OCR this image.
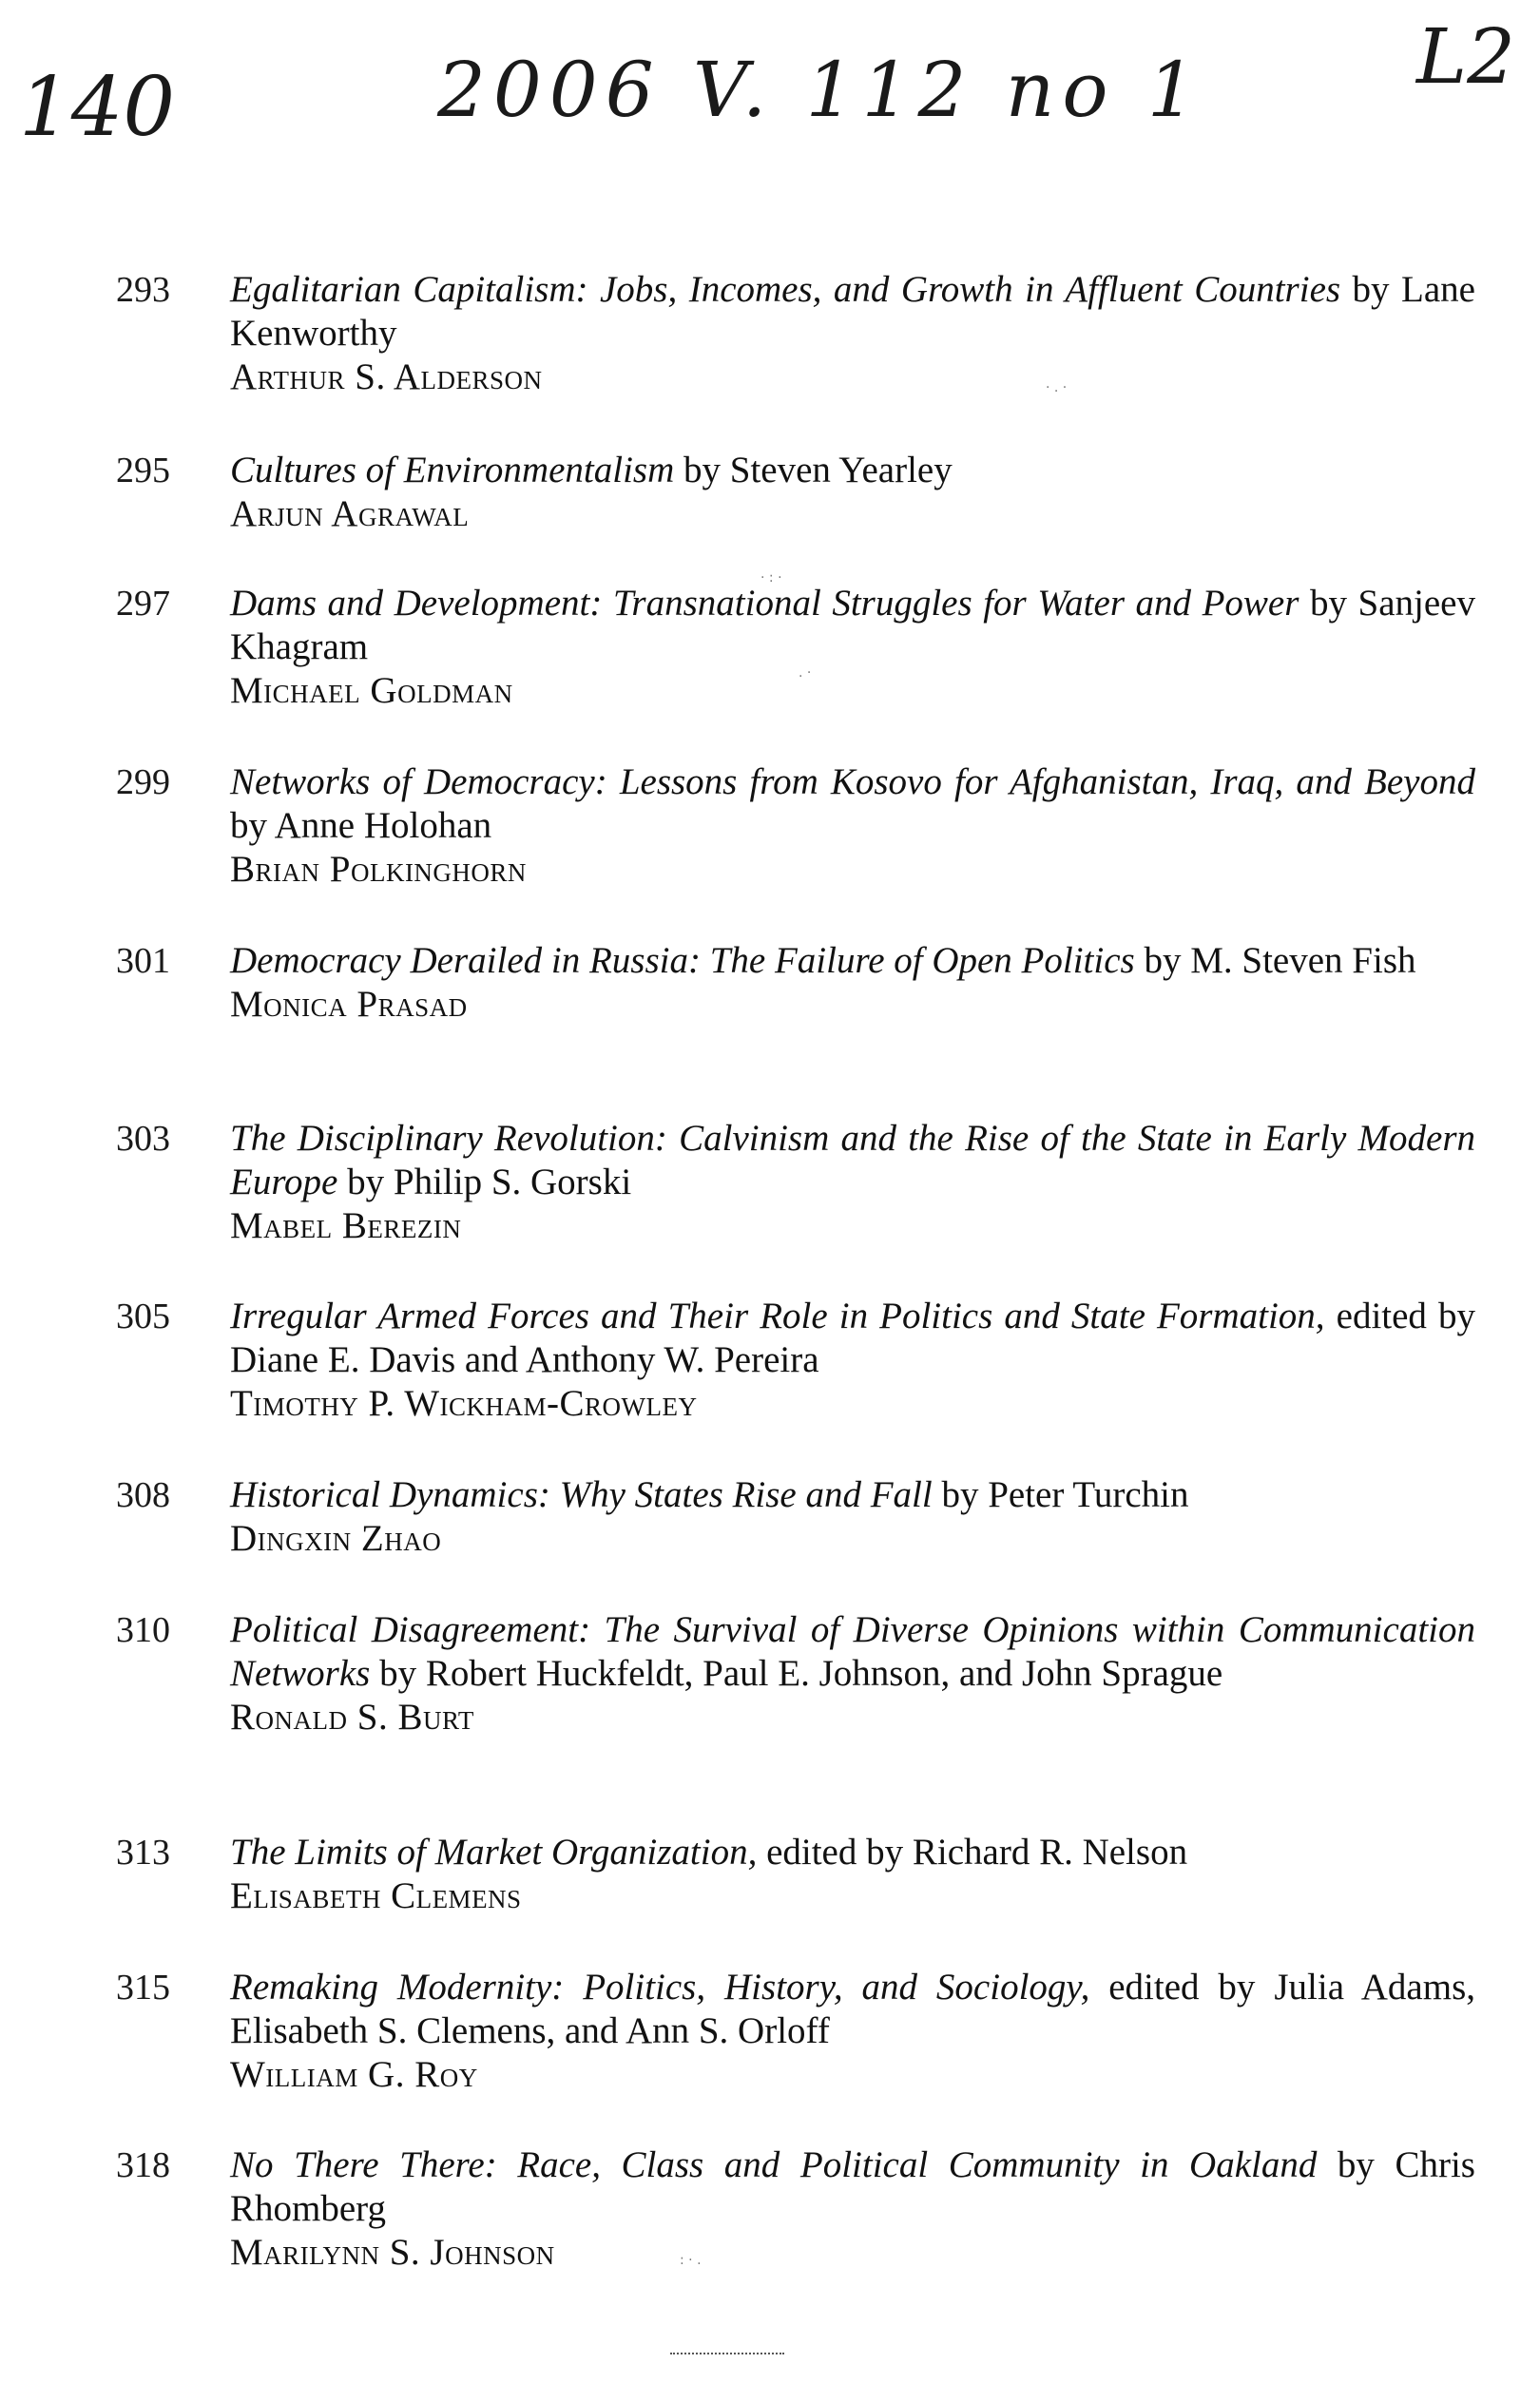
140	2006 V. 112 no 1	L2
293	Egalitarian Capitalism: Jobs, Incomes, and Growth in Affluent Countries by Lane Kenworthy
Arthur S. Alderson
295	Cultures of Environmentalism by Steven Yearley
Arjun Agrawal
297	Dams and Development: Transnational Struggles for Water and Power by Sanjeev Khagram
Michael Goldman
299	Networks of Democracy: Lessons from Kosovo for Afghanistan, Iraq, and Beyond by Anne Holohan
Brian Polkinghorn
301	Democracy Derailed in Russia: The Failure of Open Politics by M. Steven Fish
Monica Prasad
303	The Disciplinary Revolution: Calvinism and the Rise of the State in Early Modern Europe by Philip S. Gorski
Mabel Berezin
305	Irregular Armed Forces and Their Role in Politics and State Formation, edited by Diane E. Davis and Anthony W. Pereira
Timothy P. Wickham-Crowley
308	Historical Dynamics: Why States Rise and Fall by Peter Turchin
Dingxin Zhao
310	Political Disagreement: The Survival of Diverse Opinions within Communication Networks by Robert Huckfeldt, Paul E. Johnson, and John Sprague
Ronald S. Burt
313	The Limits of Market Organization, edited by Richard R. Nelson
Elisabeth Clemens
315	Remaking Modernity: Politics, History, and Sociology, edited by Julia Adams, Elisabeth S. Clemens, and Ann S. Orloff
William G. Roy
318	No There There: Race, Class and Political Community in Oakland by Chris Rhomberg
Marilynn S. Johnson
· . ·
· : ·
. ·
: · .
